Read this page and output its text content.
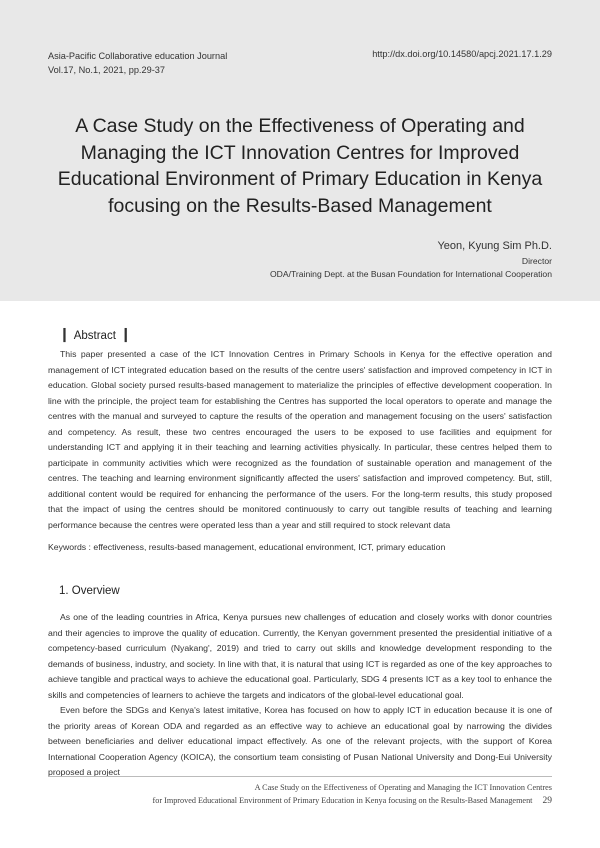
Asia-Pacific Collaborative education Journal
Vol.17, No.1, 2021, pp.29-37
http://dx.doi.org/10.14580/apcj.2021.17.1.29
A Case Study on the Effectiveness of Operating and
Managing the ICT Innovation Centres for Improved
Educational Environment of Primary Education in Kenya
focusing on the Results-Based Management
Yeon, Kyung Sim Ph.D.
Director
ODA/Training Dept. at the Busan Foundation for International Cooperation
┃ Abstract ┃

This paper presented a case of the ICT Innovation Centres in Primary Schools in Kenya for the effective operation and management of ICT integrated education based on the results of the centre users' satisfaction and improved competency in ICT in education. Global society pursed results-based management to materialize the principles of effective development cooperation. In line with the principle, the project team for establishing the Centres has supported the local operators to operate and manage the centres with the manual and surveyed to capture the results of the operation and management focusing on the users' satisfaction and competency. As result, these two centres encouraged the users to be exposed to use facilities and equipment for understanding ICT and applying it in their teaching and learning activities physically. In particular, these centres helped them to participate in community activities which were recognized as the foundation of sustainable operation and management of the centres. The teaching and learning environment significantly affected the users' satisfaction and improved competency. But, still, additional content would be required for enhancing the performance of the users. For the long-term results, this study proposed that the impact of using the centres should be monitored continuously to carry out tangible results of teaching and learning performance because the centres were operated less than a year and still required to stock relevant data

Keywords : effectiveness, results-based management, educational environment, ICT, primary education
1. Overview

As one of the leading countries in Africa, Kenya pursues new challenges of education and closely works with donor countries and their agencies to improve the quality of education. Currently, the Kenyan government presented the presidential initiative of a competency-based curriculum (Nyakang', 2019) and tried to carry out skills and knowledge development responding to the demands of business, industry, and society. In line with that, it is natural that using ICT is regarded as one of the key approaches to achieve tangible and practical ways to achieve the educational goal. Particularly, SDG 4 presents ICT as a key tool to enhance the skills and competencies of learners to achieve the targets and indicators of the global-level educational goal.

Even before the SDGs and Kenya's latest imitative, Korea has focused on how to apply ICT in education because it is one of the priority areas of Korean ODA and regarded as an effective way to achieve an educational goal by narrowing the divides between beneficiaries and deliver educational impact effectively. As one of the relevant projects, with the support of Korea International Cooperation Agency (KOICA), the consortium team consisting of Pusan National University and Dong-Eui University proposed a project

A Case Study on the Effectiveness of Operating and Managing the ICT Innovation Centres
for Improved Educational Environment of Primary Education in Kenya focusing on the Results-Based Management 29
